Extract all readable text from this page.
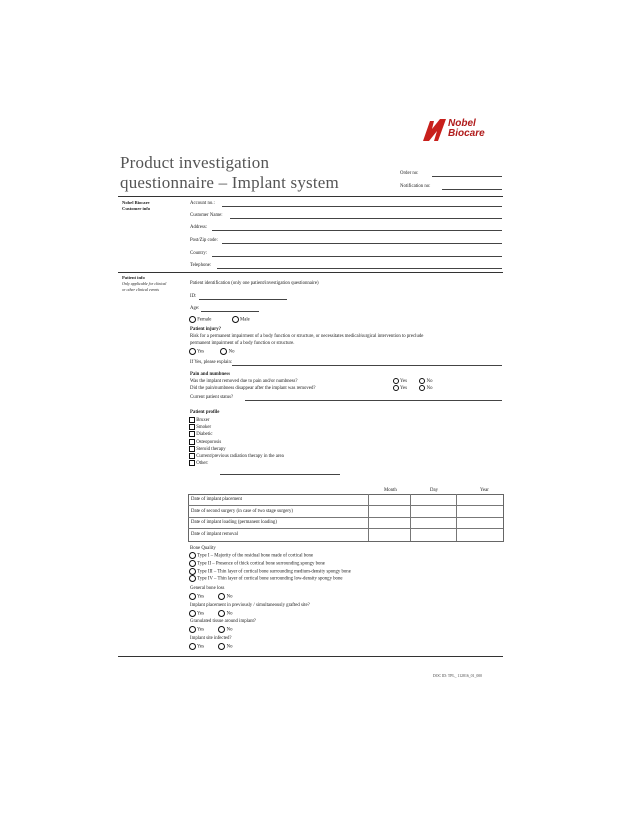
Nobel
Biocare
Product investigation
questionnaire – Implant system	Order no:
Notification no:
Nobel Biocare
Customer info
Account no.:
Customer Name:
Address:
Post/Zip code:
Country:
Telephone:
Patient info
Only applicable for clinical
or other clinical events
Patient identification (only one patient/investigation questionnaire)
ID:
Age:
Female	Male
Patient injury?
Risk for a permanent impairment of a body function or structure, or necessitates medical/surgical intervention to preclude
permanent impairment of a body function or structure.
Yes	No
If Yes, please explain:
Pain and numbness
Was the implant removed due to pain and/or numbness?
Did the pain/numbness disappear after the implant was removed?
Yes	No
Yes	No
Current patient status?
Patient profile
Bruxer
Smoker
Diabetic
Osteoporosis
Steroid therapy
Current/previous radiation therapy in the area
Other:
Month	Day	Year
Date of implant placement
Date of second surgery (in case of two stage surgery)
Date of implant loading (permanent loading)
Date of implant removal
Bone Quality
Type I – Majority of the residual bone made of cortical bone
Type II – Presence of thick cortical bone surrounding spongy bone
Type III – Thin layer of cortical bone surrounding medium-density spongy bone
Type IV – Thin layer of cortical bone surrounding low-density spongy bone
General bone loss
Yes	No
Implant placement in previously / simultaneously grafted site?
Yes	No
Granulated tissue around implant?
Yes	No
Implant site infected?
Yes	No
DOC ID: TPL_ 112816_01_000
